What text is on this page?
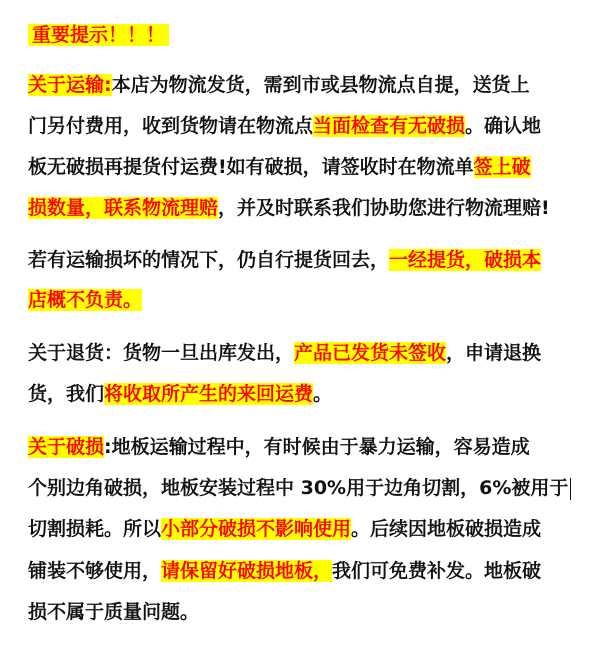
重要提示！！！
关于运输:本店为物流发货，需到市或县物流点自提，送货上
门另付费用，收到货物请在物流点当面检查有无破损。确认地
板无破损再提货付运费!如有破损，请签收时在物流单签上破
损数量，联系物流理赔，并及时联系我们协助您进行物流理赔!
若有运输损坏的情况下，仍自行提货回去，一经提货，破损本
店概不负责。
关于退货：货物一旦出库发出，产品已发货未签收，申请退换
货，我们将收取所产生的来回运费。
关于破损:地板运输过程中，有时候由于暴力运输，容易造成
个别边角破损，地板安装过程中 30%用于边角切割，6%被用于
切割损耗。所以小部分破损不影响使用。后续因地板破损造成
铺装不够使用，请保留好破损地板，我们可免费补发。地板破
损不属于质量问题。
